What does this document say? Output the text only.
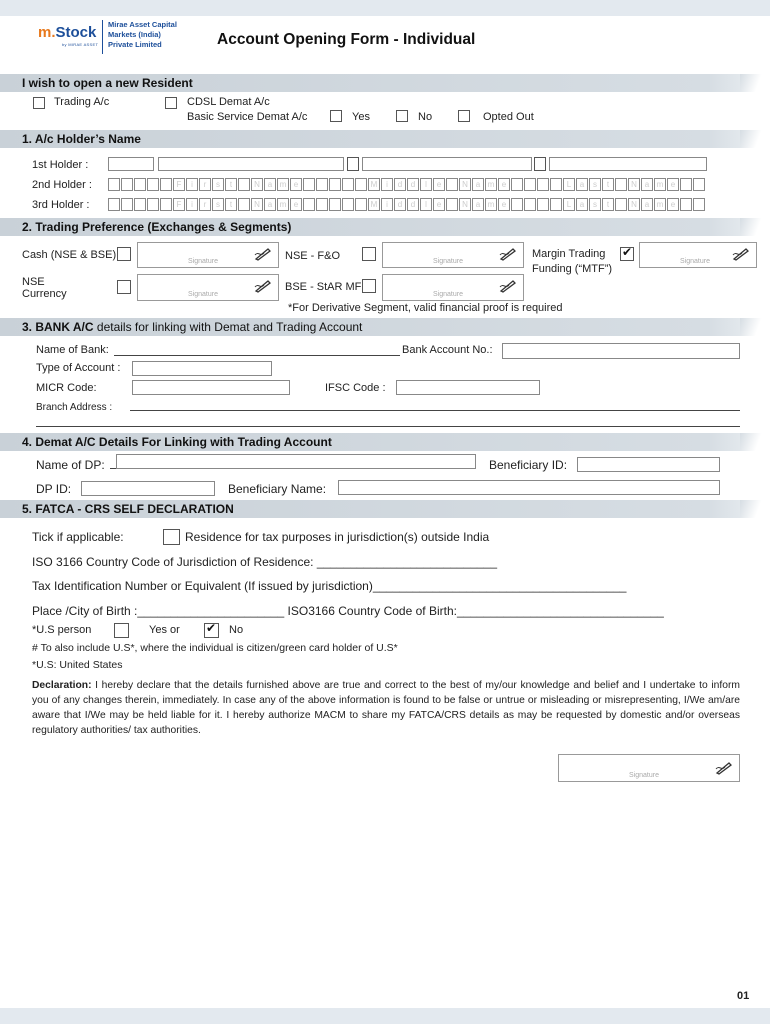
m.Stock
by MIRAE ASSET
Mirae Asset Capital
Markets (India)
Private Limited	Account Opening Form - Individual
I wish to open a new Resident
Trading A/c	CDSL Demat A/c
Basic Service Demat A/c	Yes	No	Opted Out
1. A/c Holder’s Name
1st Holder :
2nd Holder :	F	i	r	s	t	N a m e	M	i	d	d	l	e	N a m e	L	a	s	t	N a m e
3rd Holder :	F	i	r	s	t	N a m e	M	i	d	d	l	e	N a m e	L	a	s	t	N a m e
2. Trading Preference (Exchanges & Segments)
Cash (NSE & BSE)
Signature	NSE - F&O	Signature
Margin Trading
Funding (“MTF”)
✔
Signature
NSE
Currency	Signature
BSE - StAR MF
Signature
*For Derivative Segment, valid financial proof is required
3. BANK A/C details for linking with Demat and Trading Account
Name of Bank:	Bank Account No.:
Type of Account :
MICR Code:	IFSC Code :
Branch Address :
4. Demat A/C Details For Linking with Trading Account
Name of DP:	Beneficiary ID:
DP ID:	Beneficiary Name:
5. FATCA - CRS SELF DECLARATION
Tick if applicable:	Residence for tax purposes in jurisdiction(s) outside India
ISO 3166 Country Code of Jurisdiction of Residence: ___________________________
Tax Identification Number or Equivalent (If issued by jurisdiction)______________________________________
Place /City of Birth :______________________ ISO3166 Country Code of Birth:_______________________________
*U.S person	Yes or
✔	No
# To also include U.S*, where the individual is citizen/green card holder of U.S*
*U.S: United States
Declaration: I hereby declare that the details furnished above are true and correct to the best of my/our knowledge and belief and I undertake to inform you of any changes therein, immediately. In case any of the above information is found to be false or untrue or misleading or misrepresenting, I/We am/are aware that I/We may be held liable for it. I hereby authorize MACM to share my FATCA/CRS details as may be requested by domestic and/or overseas regulatory authorities/ tax authorities.
Signature
01
